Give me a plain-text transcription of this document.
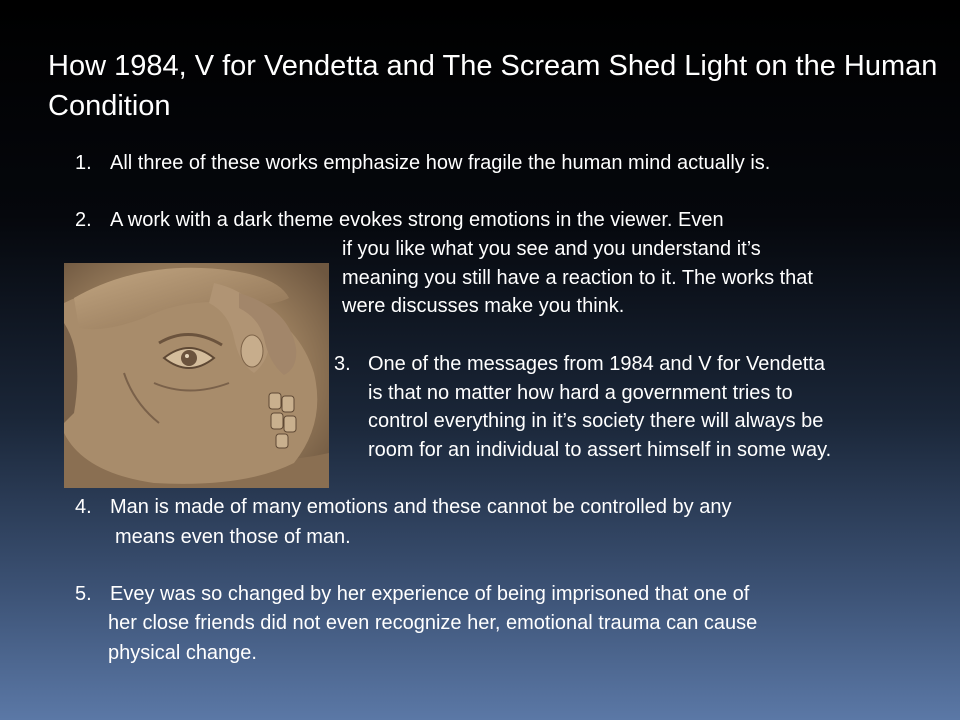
How 1984, V for Vendetta and The Scream Shed Light on the Human Condition
1. All three of these works emphasize how fragile the human mind actually is.
2. A work with a dark theme evokes strong emotions in the viewer. Even
if you like what you see and you understand it’s
meaning you still have a reaction to it. The works that
were discusses make you think.
3. One of the messages from 1984 and V for Vendetta
is that no matter how hard a government tries to
control everything in it’s society there will always be
room for an individual to assert himself in some way.
4. Man is made of many emotions and these cannot be controlled by any
means even those of man.
5. Evey was so changed by her experience of being imprisoned that one of
her close friends did not even recognize her, emotional trauma can cause
physical change.
